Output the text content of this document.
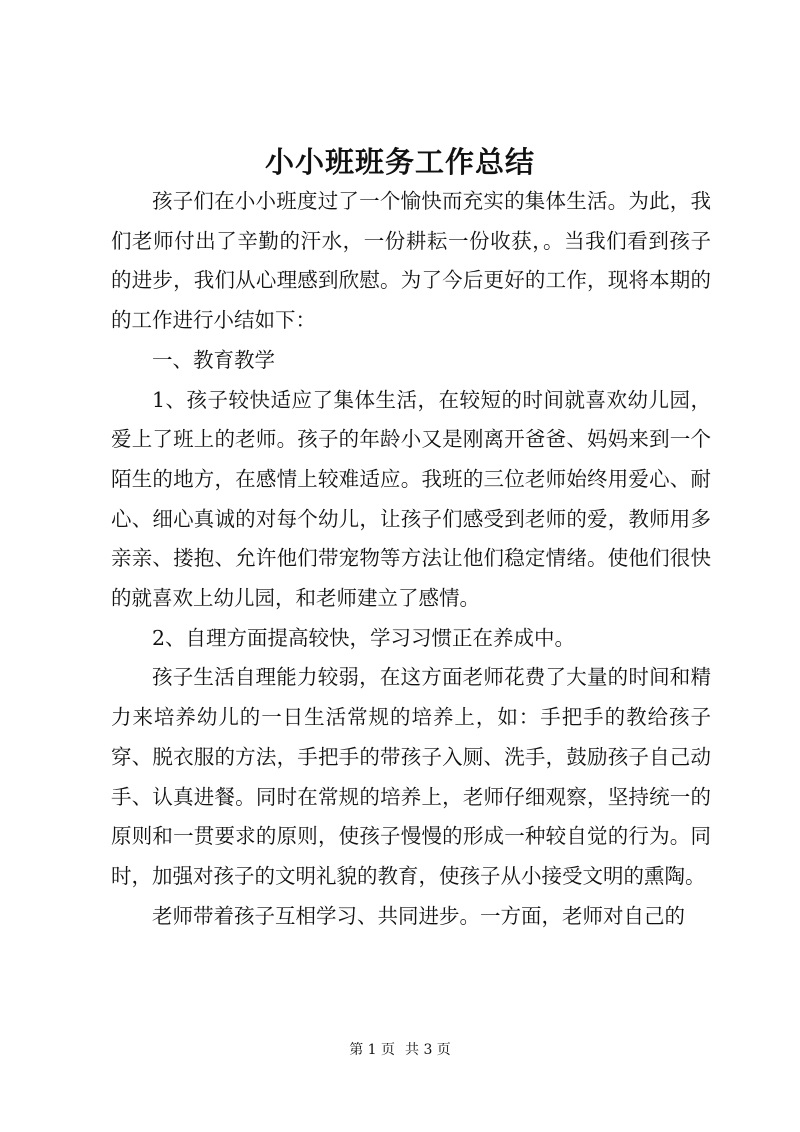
小小班班务工作总结

孩子们在小小班度过了一个愉快而充实的集体生活。为此，我们老师付出了辛勤的汗水，一份耕耘一份收获，。当我们看到孩子的进步，我们从心理感到欣慰。为了今后更好的工作，现将本期的的工作进行小结如下：

一、教育教学

1、孩子较快适应了集体生活，在较短的时间就喜欢幼儿园，爱上了班上的老师。孩子的年龄小又是刚离开爸爸、妈妈来到一个陌生的地方，在感情上较难适应。我班的三位老师始终用爱心、耐心、细心真诚的对每个幼儿，让孩子们感受到老师的爱，教师用多亲亲、搂抱、允许他们带宠物等方法让他们稳定情绪。使他们很快的就喜欢上幼儿园，和老师建立了感情。

2、自理方面提高较快，学习习惯正在养成中。

孩子生活自理能力较弱，在这方面老师花费了大量的时间和精力来培养幼儿的一日生活常规的培养上，如：手把手的教给孩子穿、脱衣服的方法，手把手的带孩子入厕、洗手，鼓励孩子自己动手、认真进餐。同时在常规的培养上，老师仔细观察，坚持统一的原则和一贯要求的原则，使孩子慢慢的形成一种较自觉的行为。同时，加强对孩子的文明礼貌的教育，使孩子从小接受文明的熏陶。

老师带着孩子互相学习、共同进步。一方面，老师对自己的

第 1 页 共 3 页
